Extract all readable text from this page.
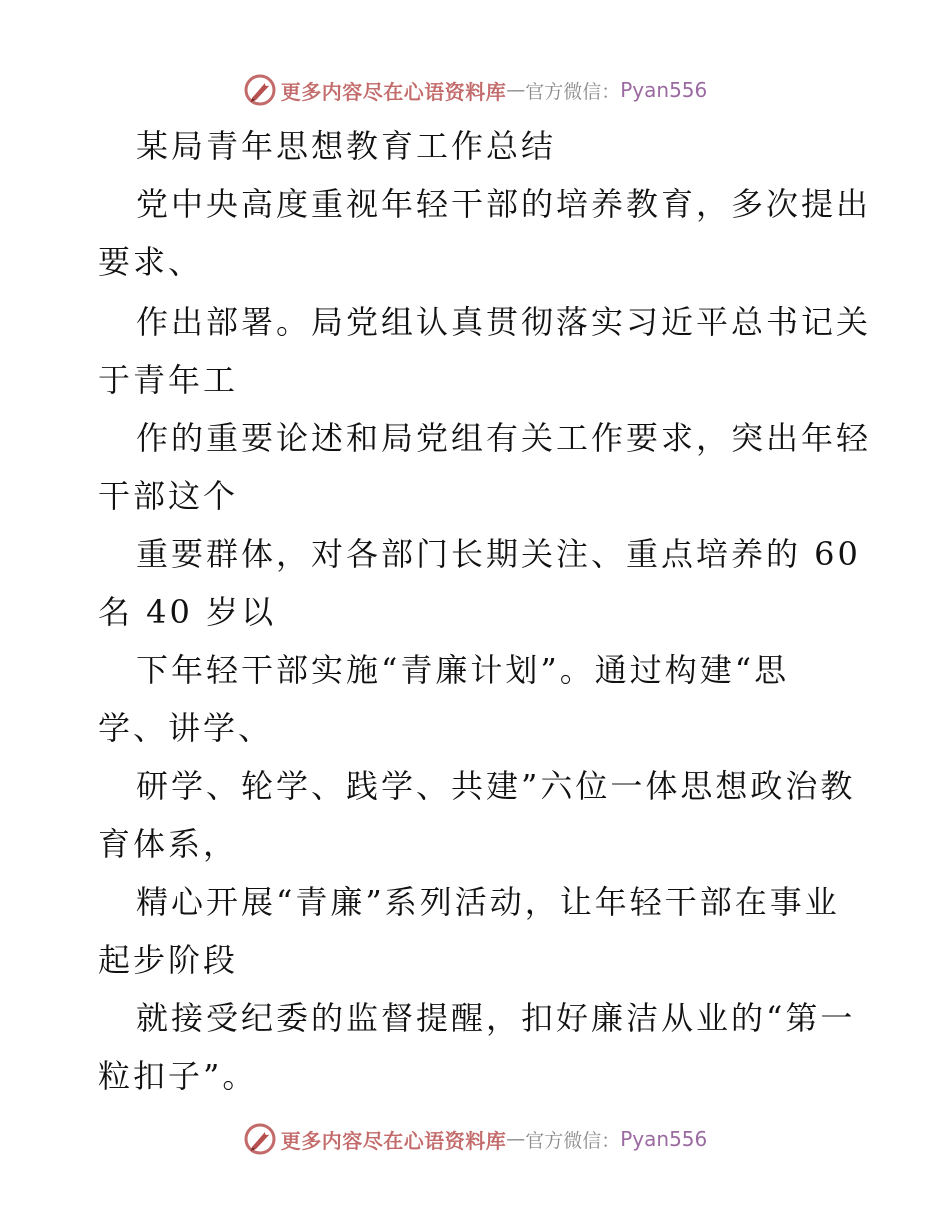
更多内容尽在心语资料库 — 官方微信： Pyan556
某局青年思想教育工作总结
党中央高度重视年轻干部的培养教育，多次提出
要求、
作出部署。局党组认真贯彻落实习近平总书记关
于青年工
作的重要论述和局党组有关工作要求，突出年轻
干部这个
重要群体，对各部门长期关注、重点培养的 60
名 40 岁以
下年轻干部实施“青廉计划”。通过构建“思
学、讲学、
研学、轮学、践学、共建”六位一体思想政治教
育体系，
精心开展“青廉”系列活动，让年轻干部在事业
起步阶段
就接受纪委的监督提醒，扣好廉洁从业的“第一
粒扣子”。
更多内容尽在心语资料库 — 官方微信： Pyan556
